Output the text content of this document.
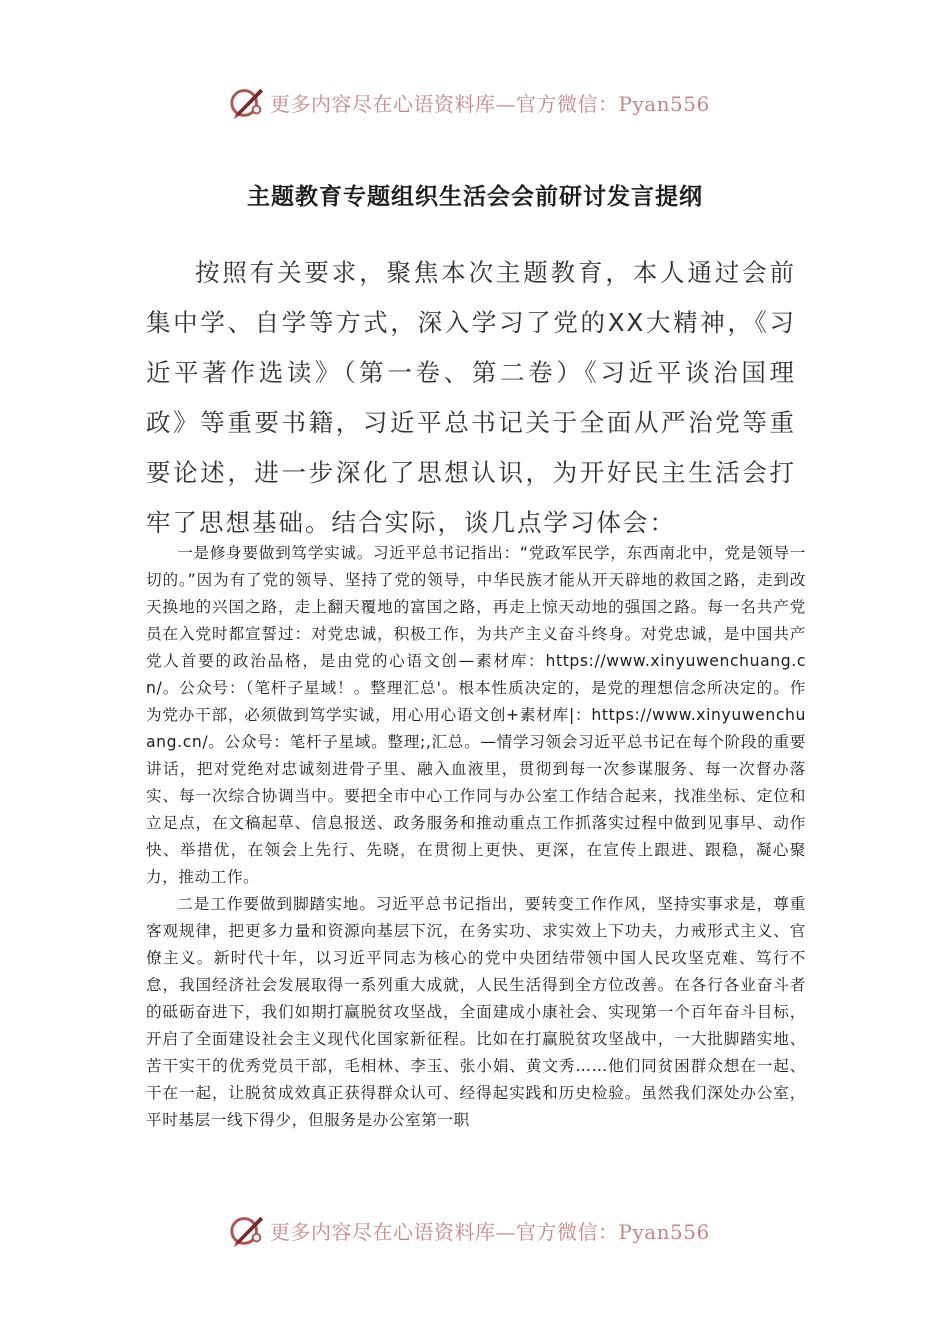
更多内容尽在心语资料库—官方微信：Pyan556
主题教育专题组织生活会会前研讨发言提纲

按照有关要求，聚焦本次主题教育，本人通过会前集中学、自学等方式，深入学习了党的XX大精神，《习近平著作选读》（第一卷、第二卷）《习近平谈治国理政》等重要书籍，习近平总书记关于全面从严治党等重要论述，进一步深化了思想认识，为开好民主生活会打牢了思想基础。结合实际，谈几点学习体会：

一是修身要做到笃学实诚。习近平总书记指出：“党政军民学，东西南北中，党是领导一切的。”因为有了党的领导、坚持了党的领导，中华民族才能从开天辟地的救国之路，走到改天换地的兴国之路，走上翻天覆地的富国之路，再走上惊天动地的强国之路。每一名共产党员在入党时都宣誓过：对党忠诚，积极工作，为共产主义奋斗终身。对党忠诚，是中国共产党人首要的政治品格，是由党的心语文创—素材库：https://www.xinyuwenchuang.cn/。公众号：（笔杆子星域！。整理汇总'。根本性质决定的，是党的理想信念所决定的。作为党办干部，必须做到笃学实诚，用心用心语文创+素材库|：https://www.xinyuwenchuang.cn/。公众号：笔杆子星域。整理;,汇总。—情学习领会习近平总书记在每个阶段的重要讲话，把对党绝对忠诚刻进骨子里、融入血液里，贯彻到每一次参谋服务、每一次督办落实、每一次综合协调当中。要把全市中心工作同与办公室工作结合起来，找准坐标、定位和立足点，在文稿起草、信息报送、政务服务和推动重点工作抓落实过程中做到见事早、动作快、举措优，在领会上先行、先晓，在贯彻上更快、更深，在宣传上跟进、跟稳，凝心聚力，推动工作。

二是工作要做到脚踏实地。习近平总书记指出，要转变工作作风，坚持实事求是，尊重客观规律，把更多力量和资源向基层下沉，在务实功、求实效上下功夫，力戒形式主义、官僚主义。新时代十年，以习近平同志为核心的党中央团结带领中国人民攻坚克难、笃行不怠，我国经济社会发展取得一系列重大成就，人民生活得到全方位改善。在各行各业奋斗者的砥砺奋进下，我们如期打赢脱贫攻坚战，全面建成小康社会、实现第一个百年奋斗目标，开启了全面建设社会主义现代化国家新征程。比如在打赢脱贫攻坚战中，一大批脚踏实地、苦干实干的优秀党员干部，毛相林、李玉、张小娟、黄文秀……他们同贫困群众想在一起、干在一起，让脱贫成效真正获得群众认可、经得起实践和历史检验。虽然我们深处办公室，平时基层一线下得少，但服务是办公室第一职

更多内容尽在心语资料库—官方微信：Pyan556
